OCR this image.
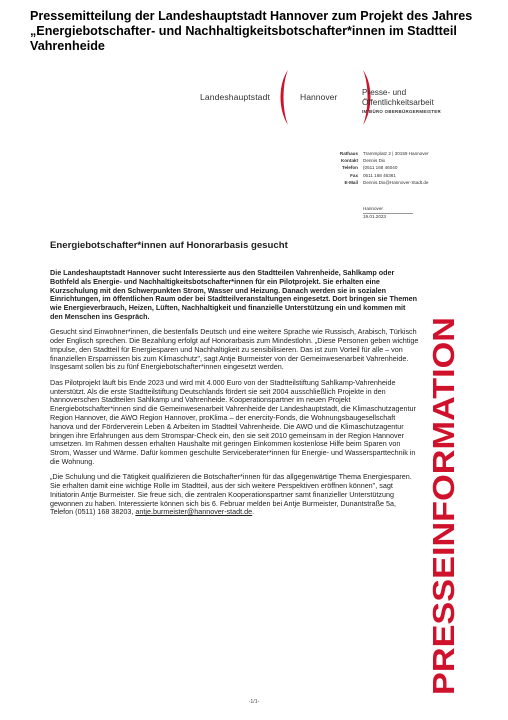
Pressemitteilung der Landeshauptstadt Hannover zum Projekt des Jahres „Energiebotschafter- und Nachhaltigkeitsbotschafter*innen im Stadtteil Vahrenheide
Landeshauptstadt	Hannover	Presse- und
Öffentlichkeitsarbeit
IM BÜRO OBERBÜRGERMEISTER
Rathaus	Trammplatz 2 | 30159 Hannover
Kontakt	Dennis Dix
Telefon	(0511 168 46040
Fax	0511 168 46361
E-Mail	Dennis.Dix@Hannover-Stadt.de
Hannover
19.01.2023
Energiebotschafter*innen auf Honorarbasis gesucht

Die Landeshauptstadt Hannover sucht Interessierte aus den Stadtteilen Vahrenheide, Sahlkamp oder Bothfeld als Energie- und Nachhaltigkeitsbotschafter*innen für ein Pilotprojekt. Sie erhalten eine Kurzschulung mit den Schwerpunkten Strom, Wasser und Heizung. Danach werden sie in sozialen Einrichtungen, im öffentlichen Raum oder bei Stadtteilveranstaltungen eingesetzt. Dort bringen sie Themen wie Energieverbrauch, Heizen, Lüften, Nachhaltigkeit und finanzielle Unterstützung ein und kommen mit den Menschen ins Gespräch.

Gesucht sind Einwohner*innen, die bestenfalls Deutsch und eine weitere Sprache wie Russisch, Arabisch, Türkisch oder Englisch sprechen. Die Bezahlung erfolgt auf Honorarbasis zum Mindestlohn. „Diese Personen geben wichtige Impulse, den Stadtteil für Energiesparen und Nachhaltigkeit zu sensibilisieren. Das ist zum Vorteil für alle – von finanziellen Ersparnissen bis zum Klimaschutz", sagt Antje Burmeister von der Gemeinwesenarbeit Vahrenheide. Insgesamt sollen bis zu fünf Energiebotschafter*innen eingesetzt werden.

Das Pilotprojekt läuft bis Ende 2023 und wird mit 4.000 Euro von der Stadtteilstiftung Sahlkamp-Vahrenheide unterstützt. Als die erste Stadtteilstiftung Deutschlands fördert sie seit 2004 ausschließlich Projekte in den hannoverschen Stadtteilen Sahlkamp und Vahrenheide. Kooperationspartner im neuen Projekt Energiebotschafter*innen sind die Gemeinwesenarbeit Vahrenheide der Landeshauptstadt, die Klimaschutzagentur Region Hannover, die AWO Region Hannover, proKlima – der enercity-Fonds, die Wohnungsbaugesellschaft hanova und der Förderverein Leben & Arbeiten im Stadtteil Vahrenheide. Die AWO und die Klimaschutzagentur bringen ihre Erfahrungen aus dem Stromspar-Check ein, den sie seit 2010 gemeinsam in der Region Hannover umsetzen. Im Rahmen dessen erhalten Haushalte mit geringen Einkommen kostenlose Hilfe beim Sparen von Strom, Wasser und Wärme. Dafür kommen geschulte Serviceberater*innen für Energie- und Wassersparttechnik in die Wohnung.

„Die Schulung und die Tätigkeit qualifizieren die Botschafter*innen für das allgegenwärtige Thema Energiesparen. Sie erhalten damit eine wichtige Rolle im Stadtteil, aus der sich weitere Perspektiven eröffnen können", sagt Initiatorin Antje Burmeister. Sie freue sich, die zentralen Kooperationspartner samt finanzieller Unterstützung gewonnen zu haben. Interessierte können sich bis 6. Februar melden bei Antje Burmeister, Dunantstraße 5a, Telefon (0511) 168 38203, antje.burmeister@hannover-stadt.de.	PRESSEINFORMATION
-1/1-
